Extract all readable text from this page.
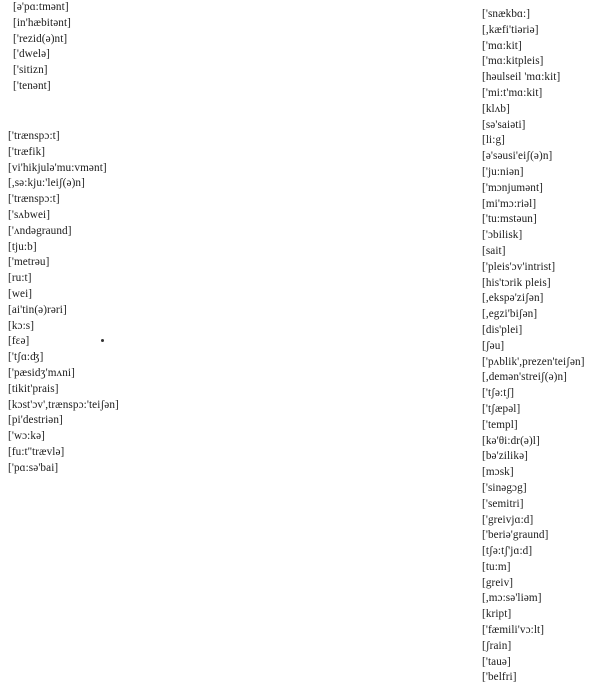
[ə'pɑ:tmənt]
[in'hæbitənt]
['rezid(ə)nt]
['dwelə]
['sitizn]
['tenənt]
['trænspɔ:t]
['træfik]
[vi'hikjulə'mu:vmənt]
[,sə:kju:'leiʃ(ə)n]
['trænspɔ:t]
['sʌbwei]
['ʌndəgraund]
[tju:b]
['metrəu]
[ru:t]
[wei]
[ai'tin(ə)rəri]
[kɔ:s]
[fɛə]
['tʃɑ:ʤ]
['pæsidʒ'mʌni]
[tikit'prais]
[kɔst'ɔv',trænspɔ:'teiʃən]
[pi'destriən]
['wɔ:kə]
[fu:t''trævlə]
['pɑ:sə'bai]
['snækbɑ:]
[,kæfi'tiəriə]
['mɑ:kit]
['mɑ:kitpleis]
[həulseil 'mɑ:kit]
['mi:t'mɑ:kit]
[klʌb]
[sə'saiəti]
[li:g]
[ə'səusi'eiʃ(ə)n]
['ju:niən]
['mɔnjumənt]
[mi'mɔ:riəl]
['tu:mstəun]
['ɔbilisk]
[sait]
['pleis'ɔv'intrist]
[his'tɔrik pleis]
[,ekspə'ziʃən]
[,egzi'biʃən]
[dis'plei]
[ʃəu]
['pʌblik',prezen'teiʃən]
[,demən'streiʃ(ə)n]
['tʃə:tʃ]
['tʃæpəl]
['templ]
[kə'θi:dr(ə)l]
[bə'zilikə]
[mɔsk]
['sinəgɔg]
['semitri]
['greivjɑ:d]
['beriə'graund]
[tʃə:tʃ'jɑ:d]
[tu:m]
[greiv]
[,mɔ:sə'liəm]
[kript]
['fæmili'vɔ:lt]
[ʃrain]
['tauə]
['belfri]
